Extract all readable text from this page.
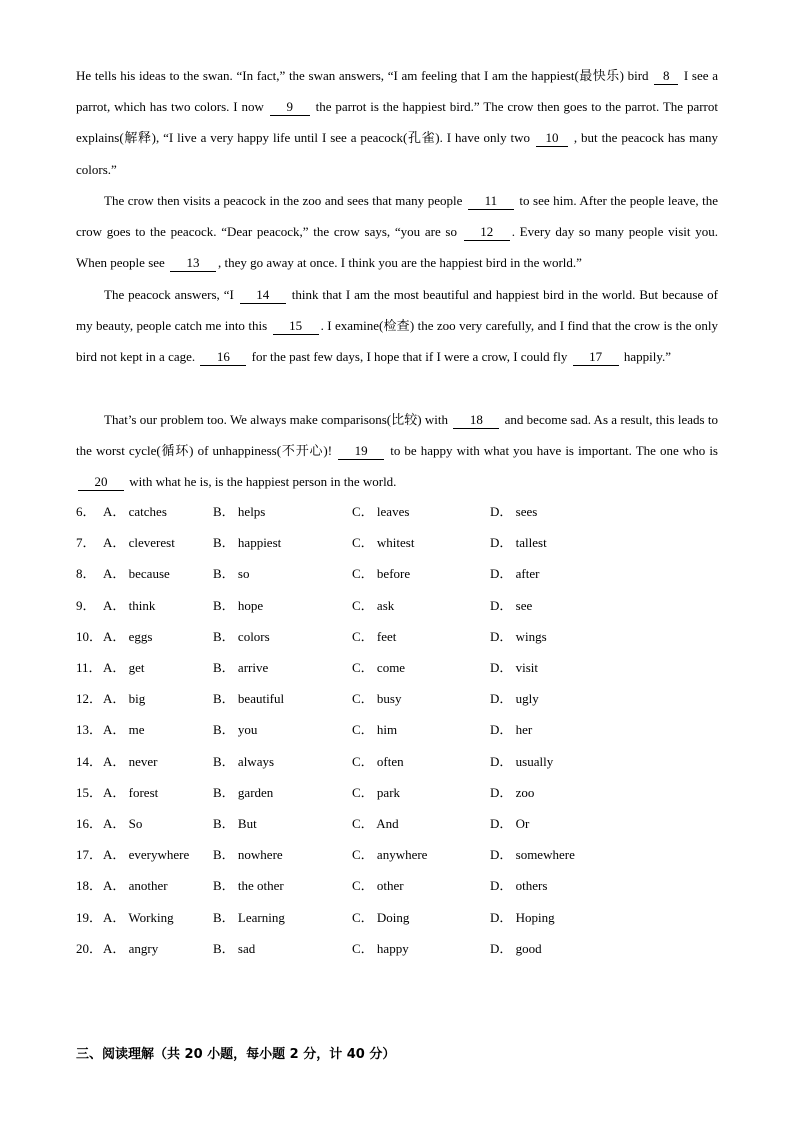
He tells his ideas to the swan. “In fact,” the swan answers, “I am feeling that I am the happiest(最快乐) bird 8 I see a parrot, which has two colors. I now 9 the parrot is the happiest bird.” The crow then goes to the parrot. The parrot explains(解释), “I live a very happy life until I see a peacock(孔雀). I have only two 10 , but the peacock has many colors.”

The crow then visits a peacock in the zoo and sees that many people 11 to see him. After the people leave, the crow goes to the peacock. “Dear peacock,” the crow says, “you are so 12 . Every day so many people visit you. When people see 13 , they go away at once. I think you are the happiest bird in the world.”

The peacock answers, “I 14 think that I am the most beautiful and happiest bird in the world. But because of my beauty, people catch me into this 15 . I examine(检查) the zoo very carefully, and I find that the crow is the only bird not kept in a cage. 16 for the past few days, I hope that if I were a crow, I could fly 17 happily.”

That’s our problem too. We always make comparisons(比较) with 18 and become sad. As a result, this leads to the worst cycle(循环) of unhappiness(不开心)! 19 to be happy with what you have is important. The one who is 20 with what he is, is the happiest person in the world.

6． A． catches	B． helps	C． leaves	D． sees
7． A． cleverest	B． happiest	C． whitest	D． tallest
8． A． because	B． so	C． before	D． after
9． A． think	B． hope	C． ask	D． see
10． A． eggs	B． colors	C． feet	D． wings
11． A． get	B． arrive	C． come	D． visit
12． A． big	B． beautiful	C． busy	D． ugly
13． A． me	B． you	C． him	D． her
14． A． never	B． always	C． often	D． usually
15． A． forest	B． garden	C． park	D． zoo
16． A． So	B． But	C． And	D． Or
17． A． everywhere B． nowhere	C． anywhere	D． somewhere
18． A． another	B． the other	C． other	D． others
19． A． Working	B． Learning	C． Doing	D． Hoping
20． A． angry	B． sad	C． happy	D． good
三、阅读理解（共 20 小题，每小题 2 分，计 40 分）
